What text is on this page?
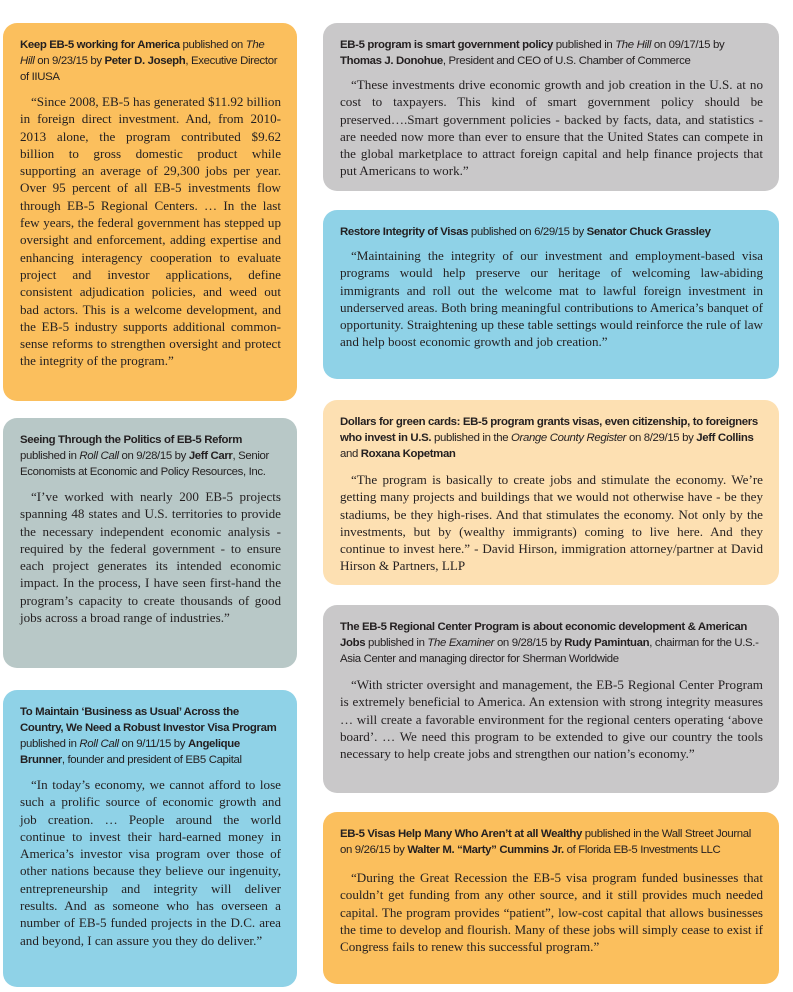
Keep EB-5 working for America published on The Hill on 9/23/15 by Peter D. Joseph, Executive Director of IIUSA

“Since 2008, EB-5 has generated $11.92 billion in foreign direct investment. And, from 2010-2013 alone, the program contributed $9.62 billion to gross domestic product while supporting an average of 29,300 jobs per year. Over 95 percent of all EB-5 investments flow through EB-5 Regional Centers. … In the last few years, the federal government has stepped up oversight and enforcement, adding expertise and enhancing interagency cooperation to evaluate project and investor applications, define consistent adjudication policies, and weed out bad actors. This is a welcome development, and the EB-5 industry supports additional common-sense reforms to strengthen oversight and protect the integrity of the program.”

EB-5 program is smart government policy published in The Hill on 09/17/15 by Thomas J. Donohue, President and CEO of U.S. Chamber of Commerce

“These investments drive economic growth and job creation in the U.S. at no cost to taxpayers. This kind of smart government policy should be preserved….Smart government policies - backed by facts, data, and statistics - are needed now more than ever to ensure that the United States can compete in the global marketplace to attract foreign capital and help finance projects that put Americans to work.”

Restore Integrity of Visas published on 6/29/15 by Senator Chuck Grassley

“Maintaining the integrity of our investment and employment-based visa programs would help preserve our heritage of welcoming law-abiding immigrants and roll out the welcome mat to lawful foreign investment in underserved areas. Both bring meaningful contributions to America’s banquet of opportunity. Straightening up these table settings would reinforce the rule of law and help boost economic growth and job creation.”

Dollars for green cards: EB-5 program grants visas, even citizenship, to foreigners who invest in U.S. published in the Orange County Register on 8/29/15 by Jeff Collins and Roxana Kopetman

“The program is basically to create jobs and stimulate the economy. We’re getting many projects and buildings that we would not otherwise have - be they stadiums, be they high-rises. And that stimulates the economy. Not only by the investments, but by (wealthy immigrants) coming to live here. And they continue to invest here.” - David Hirson, immigration attorney/partner at David Hirson & Partners, LLP

Seeing Through the Politics of EB-5 Reform published in Roll Call on 9/28/15 by Jeff Carr, Senior Economists at Economic and Policy Resources, Inc.

“I’ve worked with nearly 200 EB-5 projects spanning 48 states and U.S. territories to provide the necessary independent economic analysis - required by the federal government - to ensure each project generates its intended economic impact. In the process, I have seen first-hand the program’s capacity to create thousands of good jobs across a broad range of industries.”

The EB-5 Regional Center Program is about economic development & American Jobs published in The Examiner on 9/28/15 by Rudy Pamintuan, chairman for the U.S.-Asia Center and managing director for Sherman Worldwide

“With stricter oversight and management, the EB-5 Regional Center Program is extremely beneficial to America. An extension with strong integrity measures … will create a favorable environment for the regional centers operating ‘above board’. … We need this program to be extended to give our country the tools necessary to help create jobs and strengthen our nation’s economy.”

To Maintain ‘Business as Usual’ Across the Country, We Need a Robust Investor Visa Program published in Roll Call on 9/11/15 by Angelique Brunner, founder and president of EB5 Capital

“In today’s economy, we cannot afford to lose such a prolific source of economic growth and job creation. … People around the world continue to invest their hard-earned money in America’s investor visa program over those of other nations because they believe our ingenuity, entrepreneurship and integrity will deliver results. And as someone who has overseen a number of EB-5 funded projects in the D.C. area and beyond, I can assure you they do deliver.”

EB-5 Visas Help Many Who Aren’t at all Wealthy published in the Wall Street Journal on 9/26/15 by Walter M. “Marty” Cummins Jr. of Florida EB-5 Investments LLC

“During the Great Recession the EB-5 visa program funded businesses that couldn’t get funding from any other source, and it still provides much needed capital. The program provides “patient”, low-cost capital that allows businesses the time to develop and flourish. Many of these jobs will simply cease to exist if Congress fails to renew this successful program.”
